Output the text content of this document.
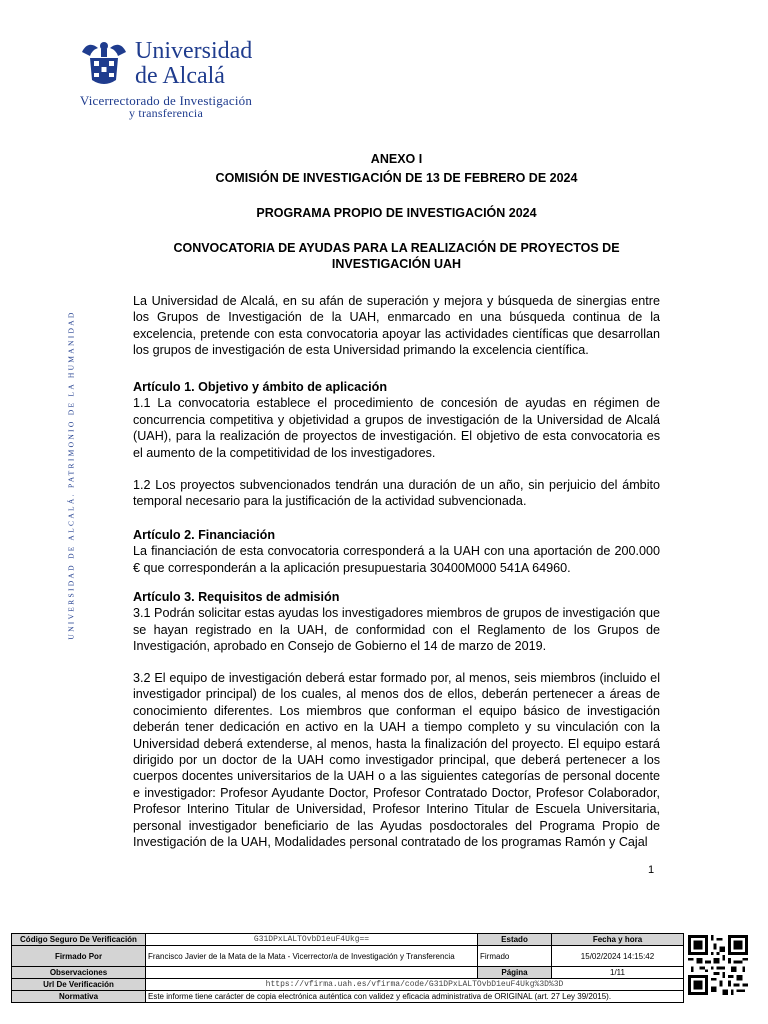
Universidad
de Alcalá
Vicerrectorado de Investigación
y transferencia
UNIVERSIDAD DE ALCALÁ. PATRIMONIO DE LA HUMANIDAD
ANEXO I
COMISIÓN DE INVESTIGACIÓN DE 13 DE FEBRERO DE 2024
PROGRAMA PROPIO DE INVESTIGACIÓN 2024
CONVOCATORIA DE AYUDAS PARA LA REALIZACIÓN DE PROYECTOS DE
INVESTIGACIÓN UAH
La Universidad de Alcalá, en su afán de superación y mejora y búsqueda de sinergias entre los Grupos de Investigación de la UAH, enmarcado en una búsqueda continua de la excelencia, pretende con esta convocatoria apoyar las actividades científicas que desarrollan los grupos de investigación de esta Universidad primando la excelencia científica.
Artículo 1. Objetivo y ámbito de aplicación
1.1 La convocatoria establece el procedimiento de concesión de ayudas en régimen de concurrencia competitiva y objetividad a grupos de investigación de la Universidad de Alcalá (UAH), para la realización de proyectos de investigación. El objetivo de esta convocatoria es el aumento de la competitividad de los investigadores.
1.2 Los proyectos subvencionados tendrán una duración de un año, sin perjuicio del ámbito temporal necesario para la justificación de la actividad subvencionada.
Artículo 2. Financiación
La financiación de esta convocatoria corresponderá a la UAH con una aportación de 200.000 € que corresponderán a la aplicación presupuestaria 30400M000 541A 64960.
Artículo 3. Requisitos de admisión
3.1 Podrán solicitar estas ayudas los investigadores miembros de grupos de investigación que se hayan registrado en la UAH, de conformidad con el Reglamento de los Grupos de Investigación, aprobado en Consejo de Gobierno el 14 de marzo de 2019.
3.2 El equipo de investigación deberá estar formado por, al menos, seis miembros (incluido el investigador principal) de los cuales, al menos dos de ellos, deberán pertenecer a áreas de conocimiento diferentes. Los miembros que conforman el equipo básico de investigación deberán tener dedicación en activo en la UAH a tiempo completo y su vinculación con la Universidad deberá extenderse, al menos, hasta la finalización del proyecto. El equipo estará dirigido por un doctor de la UAH como investigador principal, que deberá pertenecer a los cuerpos docentes universitarios de la UAH o a las siguientes categorías de personal docente e investigador: Profesor Ayudante Doctor, Profesor Contratado Doctor, Profesor Colaborador, Profesor Interino Titular de Universidad, Profesor Interino Titular de Escuela Universitaria, personal investigador beneficiario de las Ayudas posdoctorales del Programa Propio de Investigación de la UAH, Modalidades personal contratado de los programas Ramón y Cajal
1
Código Seguro De Verificación	G31DPxLALTOvbD1euF4Ukg==	Estado	Fecha y hora
Firmado Por	Francisco Javier de la Mata de la Mata - Vicerrector/a de Investigación y Transferencia	Firmado	15/02/2024 14:15:42
Observaciones		Página	1/11
Url De Verificación	https://vfirma.uah.es/vfirma/code/G31DPxLALTOvbD1euF4Ukg%3D%3D		
Normativa	Este informe tiene carácter de copia electrónica auténtica con validez y eficacia administrativa de ORIGINAL (art. 27 Ley 39/2015).		
